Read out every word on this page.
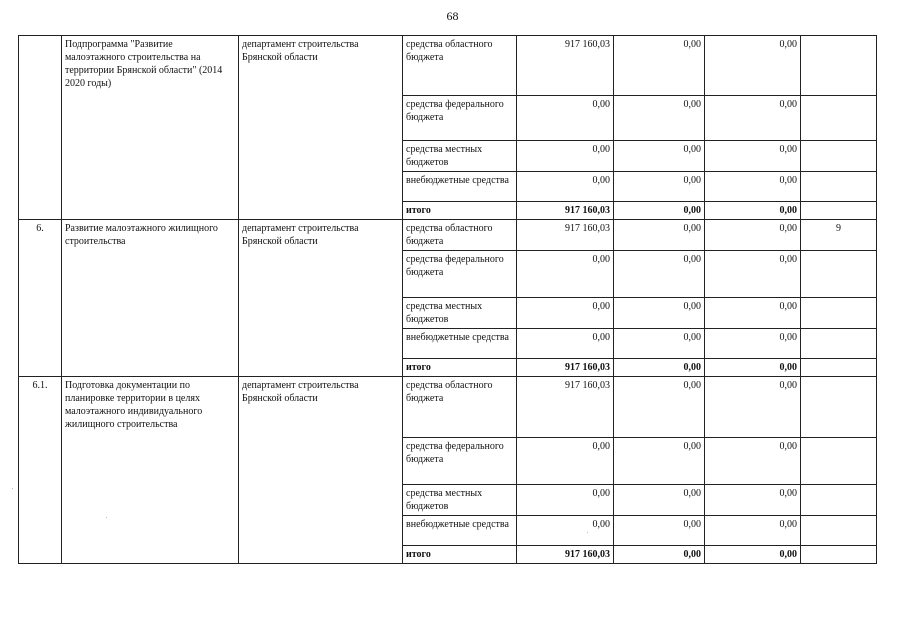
68
	Подпрограмма "Развитие малоэтажного строительства на территории Брянской области" (2014 2020 годы)	департамент строительства Брянской области	средства областного бюджета	917 160,03	0,00	0,00	
			средства федерального бюджета	0,00	0,00	0,00	
			средства местных бюджетов	0,00	0,00	0,00	
			внебюджетные средства	0,00	0,00	0,00	
			итого	917 160,03	0,00	0,00	
6.	Развитие малоэтажного жилищного строительства	департамент строительства Брянской области	средства областного бюджета	917 160,03	0,00	0,00	9
			средства федерального бюджета	0,00	0,00	0,00	
			средства местных бюджетов	0,00	0,00	0,00	
			внебюджетные средства	0,00	0,00	0,00	
			итого	917 160,03	0,00	0,00	
6.1.	Подготовка документации по планировке территории в целях малоэтажного индивидуального жилищного строительства	департамент строительства Брянской области	средства областного бюджета	917 160,03	0,00	0,00	
			средства федерального бюджета	0,00	0,00	0,00	
			средства местных бюджетов	0,00	0,00	0,00	
			внебюджетные средства	0,00	0,00	0,00	
			итого	917 160,03	0,00	0,00	
